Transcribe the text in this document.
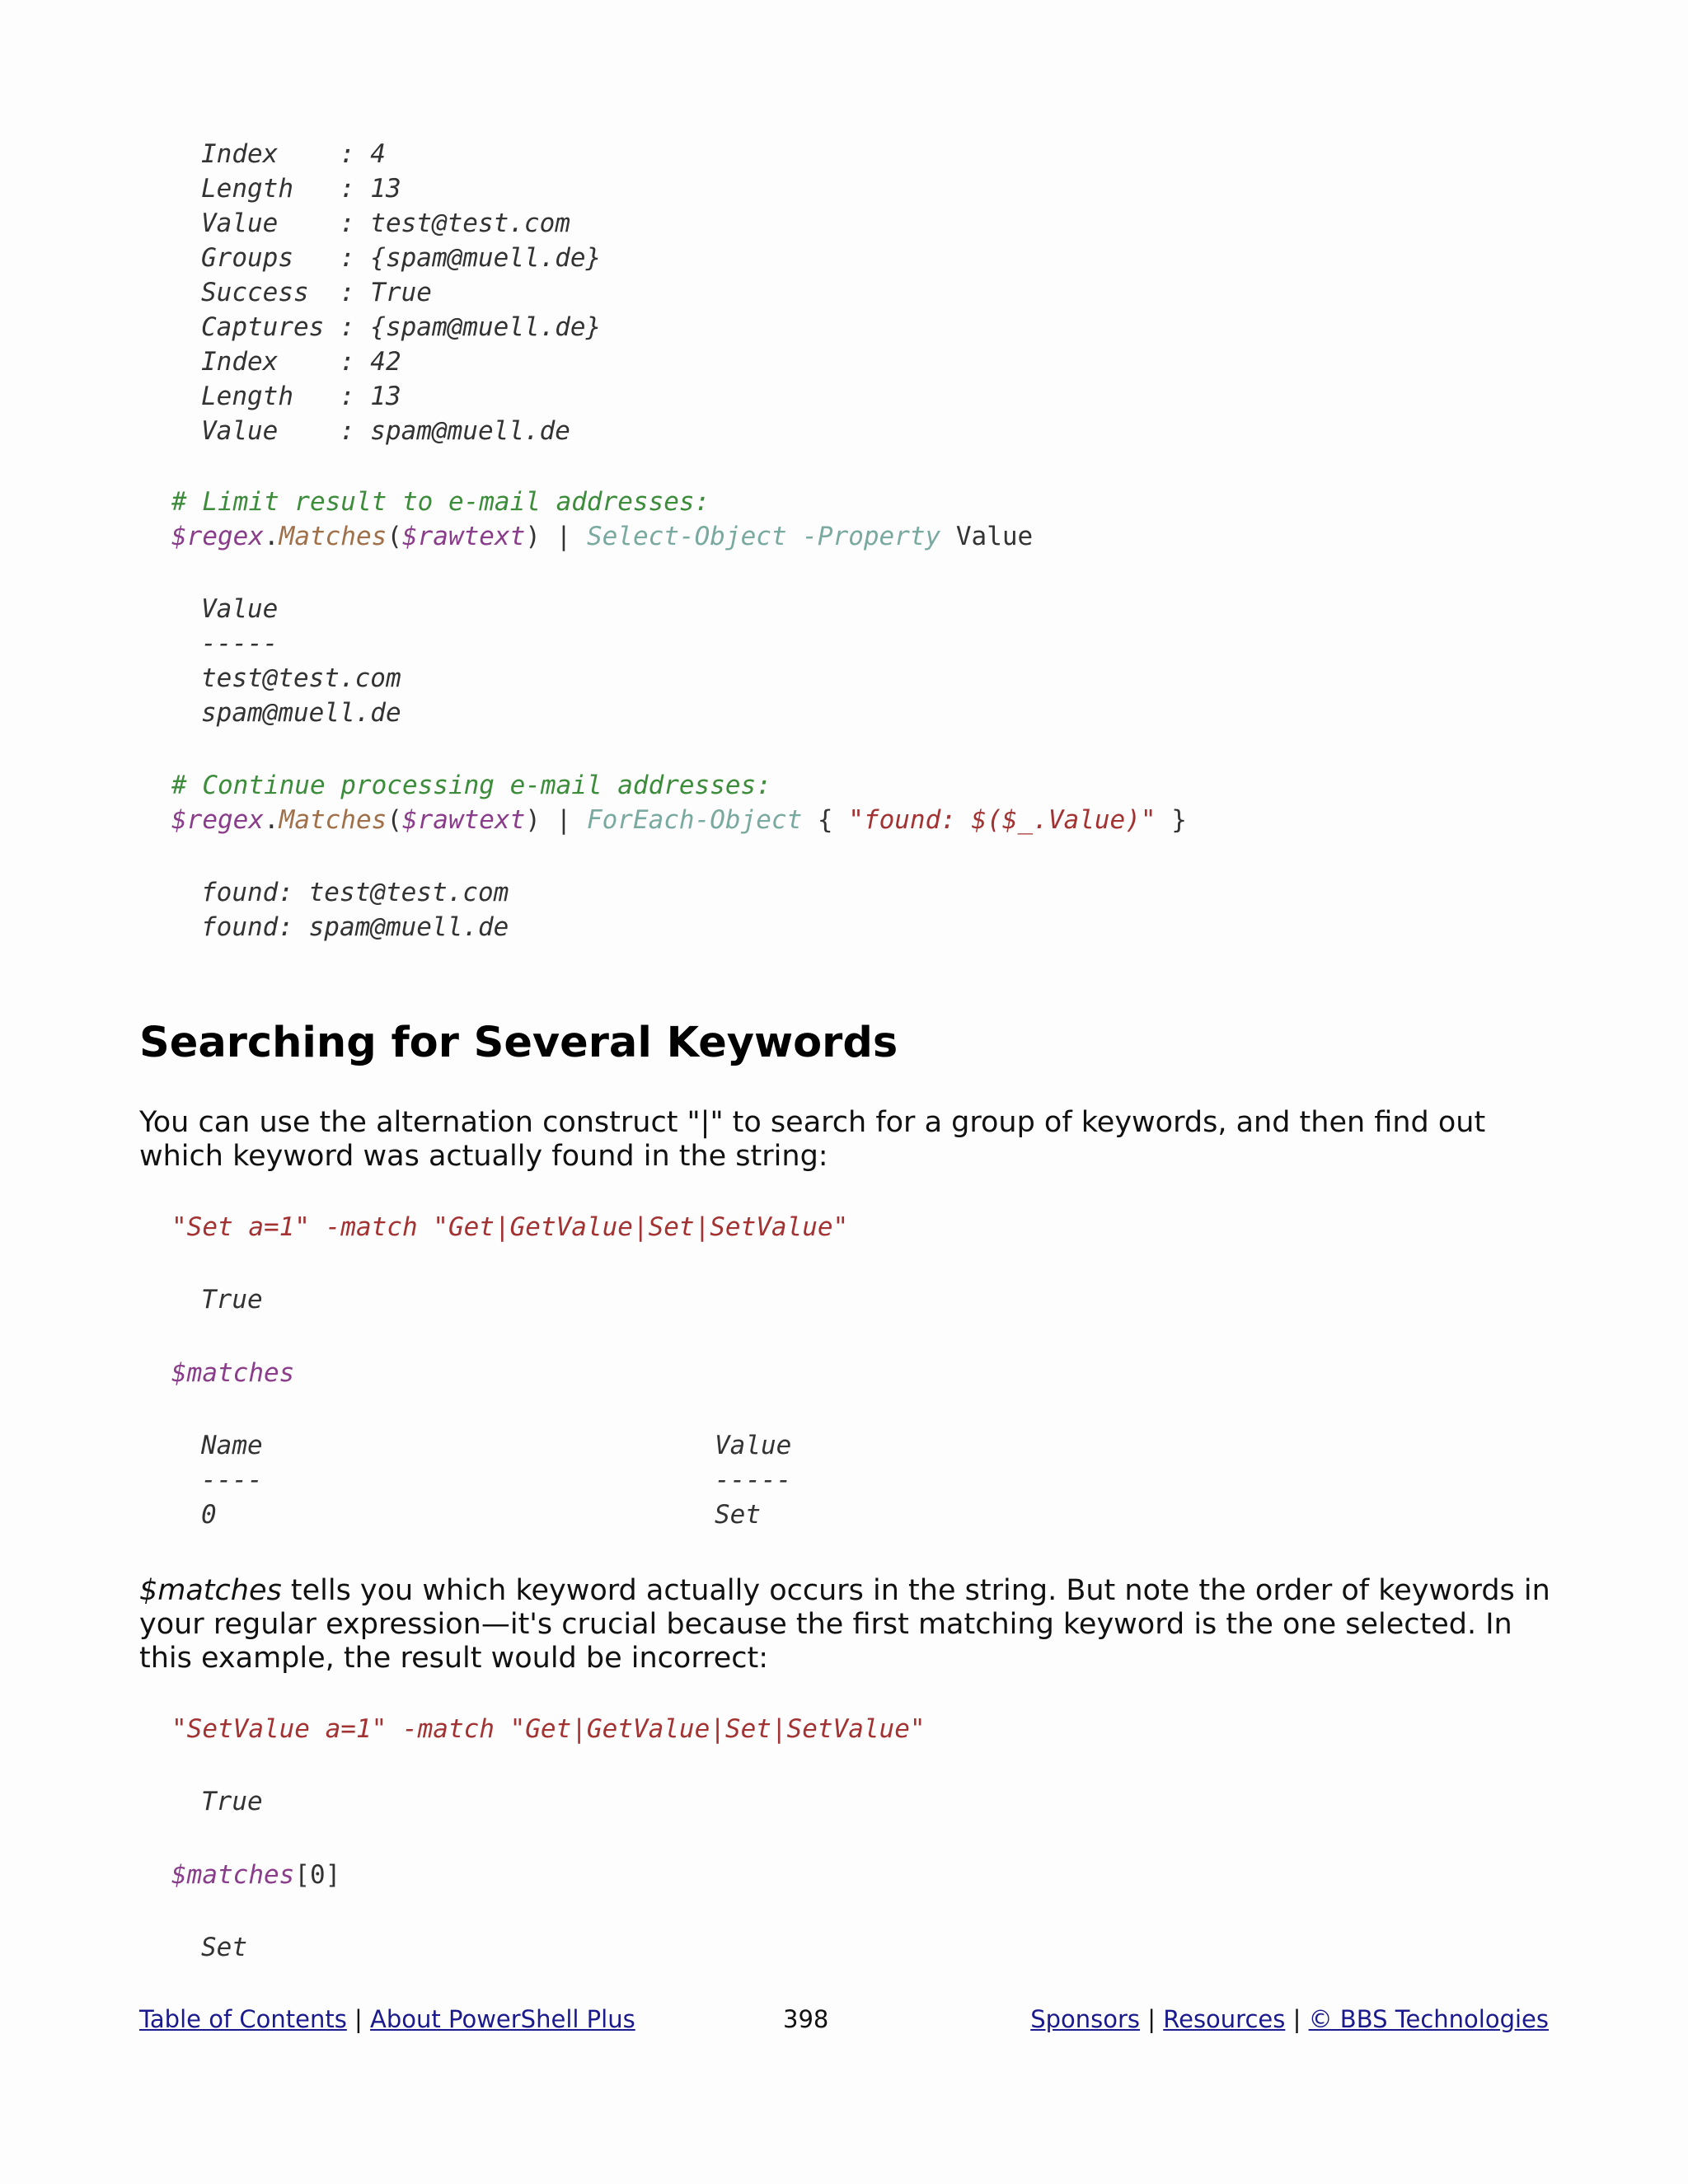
Index    : 4
Length   : 13
Value    : test@test.com
Groups   : {spam@muell.de}
Success  : True
Captures : {spam@muell.de}
Index    : 42
Length   : 13
Value    : spam@muell.de
# Limit result to e-mail addresses:
$regex.Matches($rawtext) | Select-Object -Property Value
Value
-----
test@test.com
spam@muell.de
# Continue processing e-mail addresses:
$regex.Matches($rawtext) | ForEach-Object { "found: $($_.Value)" }
found: test@test.com
found: spam@muell.de
Searching for Several Keywords

You can use the alternation construct "|" to search for a group of keywords, and then find out which keyword was actually found in the string:

"Set a=1" -match "Get|GetValue|Set|SetValue"
True
$matches
Name	Value
----	-----
0	Set

$matches tells you which keyword actually occurs in the string. But note the order of keywords in your regular expression—it's crucial because the first matching keyword is the one selected. In this example, the result would be incorrect:

"SetValue a=1" -match "Get|GetValue|Set|SetValue"
True
$matches[0]
Set
Table of Contents | About PowerShell Plus	398	Sponsors | Resources | © BBS Technologies
